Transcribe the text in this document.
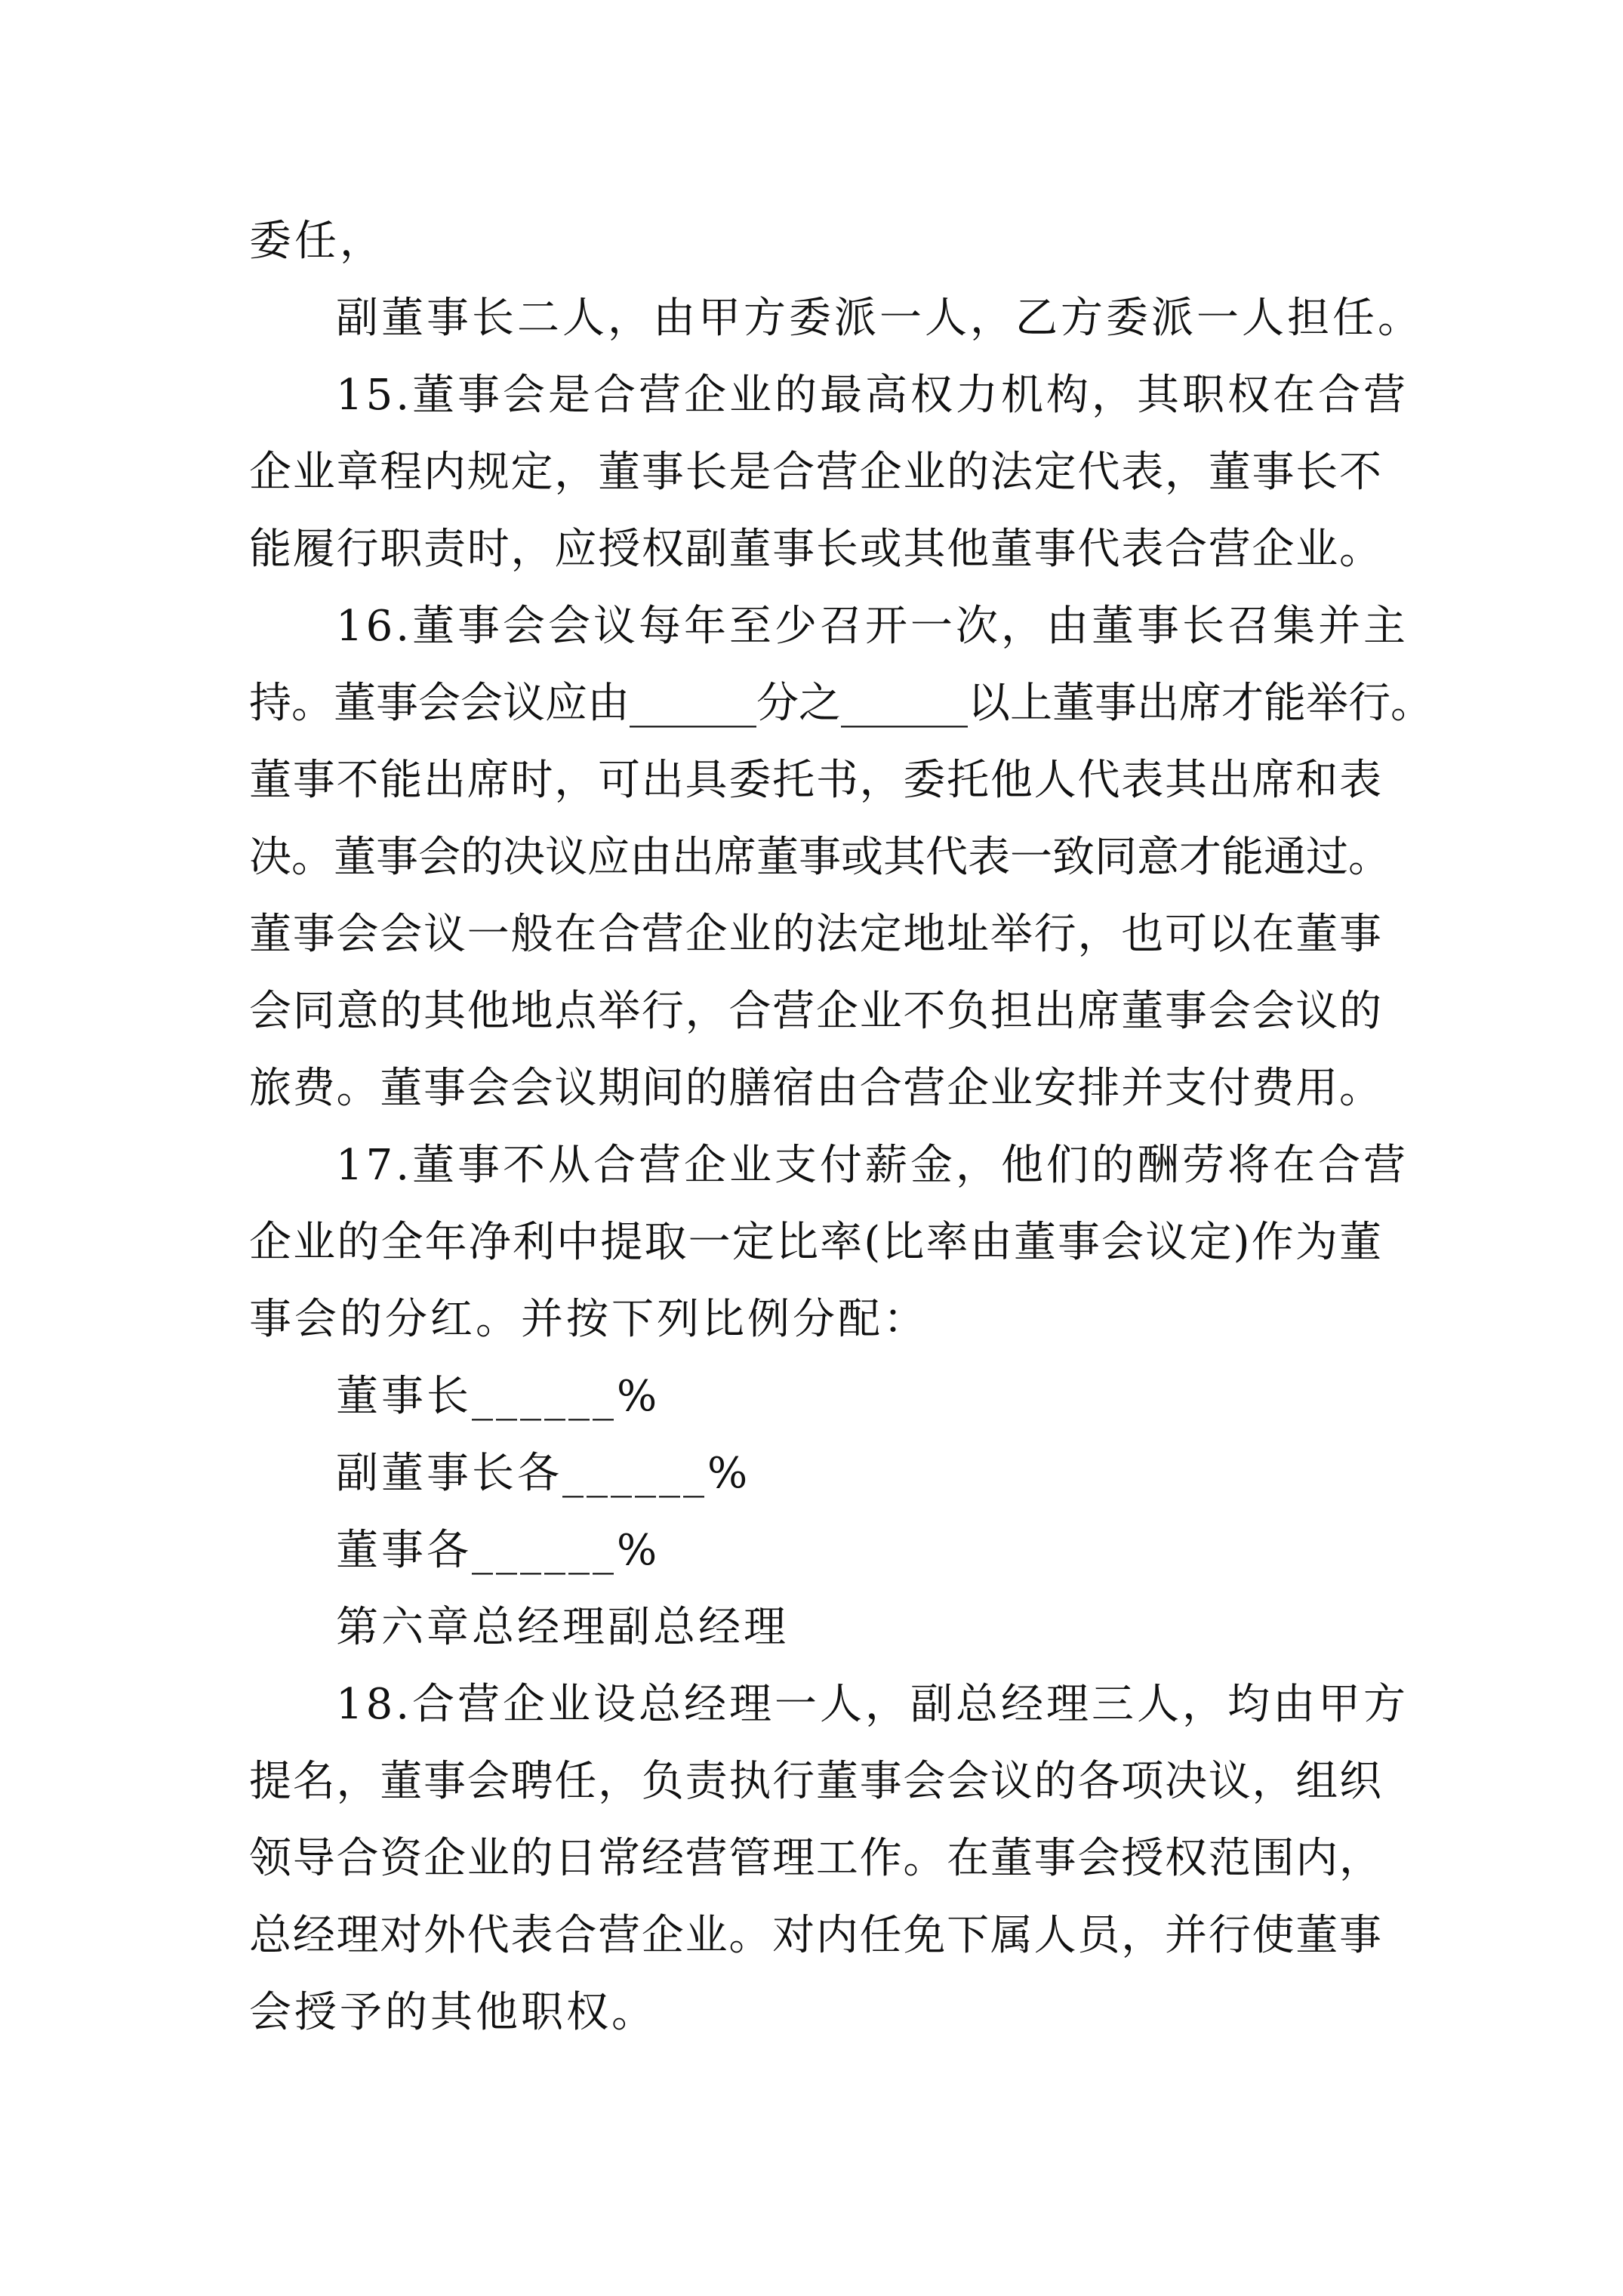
委任，
副董事长二人，由甲方委派一人，乙方委派一人担任。
15.董事会是合营企业的最高权力机构，其职权在合营
企业章程内规定，董事长是合营企业的法定代表，董事长不
能履行职责时，应授权副董事长或其他董事代表合营企业。
16.董事会会议每年至少召开一次，由董事长召集并主
持。董事会会议应由______分之______以上董事出席才能举行。
董事不能出席时，可出具委托书，委托他人代表其出席和表
决。董事会的决议应由出席董事或其代表一致同意才能通过。
董事会会议一般在合营企业的法定地址举行，也可以在董事
会同意的其他地点举行，合营企业不负担出席董事会会议的
旅费。董事会会议期间的膳宿由合营企业安排并支付费用。
17.董事不从合营企业支付薪金，他们的酬劳将在合营
企业的全年净利中提取一定比率(比率由董事会议定)作为董
事会的分红。并按下列比例分配：
董事长______%
副董事长各______%
董事各______%
第六章总经理副总经理
18.合营企业设总经理一人，副总经理三人，均由甲方
提名，董事会聘任，负责执行董事会会议的各项决议，组织
领导合资企业的日常经营管理工作。在董事会授权范围内，
总经理对外代表合营企业。对内任免下属人员，并行使董事
会授予的其他职权。
